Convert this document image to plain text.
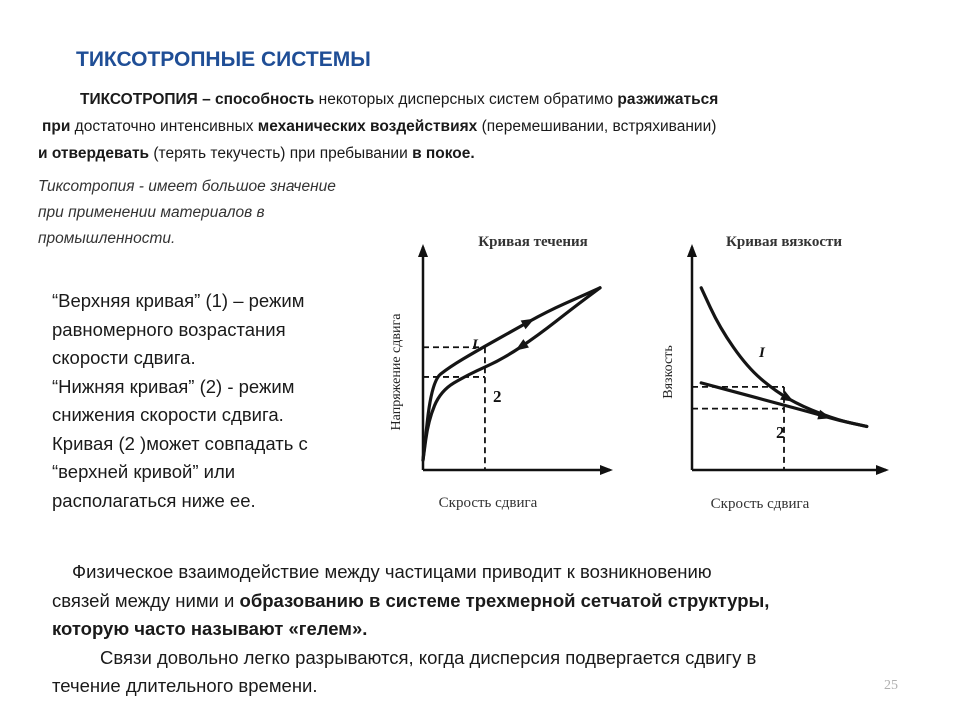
ТИКСОТРОПНЫЕ СИСТЕМЫ
ТИКСОТРОПИЯ – способность некоторых дисперсных систем обратимо разжижаться
при достаточно интенсивных механических воздействиях (перемешивании, встряхивании)
и отвердевать (терять текучесть) при пребывании в покое.
Тиксотропия - имеет большое значение
при применении материалов в
промышленности.
“Верхняя кривая” (1) – режим
равномерного возрастания
скорости сдвига.
“Нижняя кривая” (2) - режим
снижения скорости сдвига.
Кривая (2 )может совпадать с
“верхней кривой” или
располагаться ниже ее.
Кривая течения
Скрость сдвига
Напряжение сдвига	I
2
Кривая вязкости
Скрость сдвига
Вязкость	I
2
Физическое взаимодействие между частицами приводит к возникновению
связей между ними и образованию в системе трехмерной сетчатой структуры,
которую часто называют «гелем».
Связи довольно легко разрываются, когда дисперсия подвергается сдвигу в
течение длительного времени.	25
